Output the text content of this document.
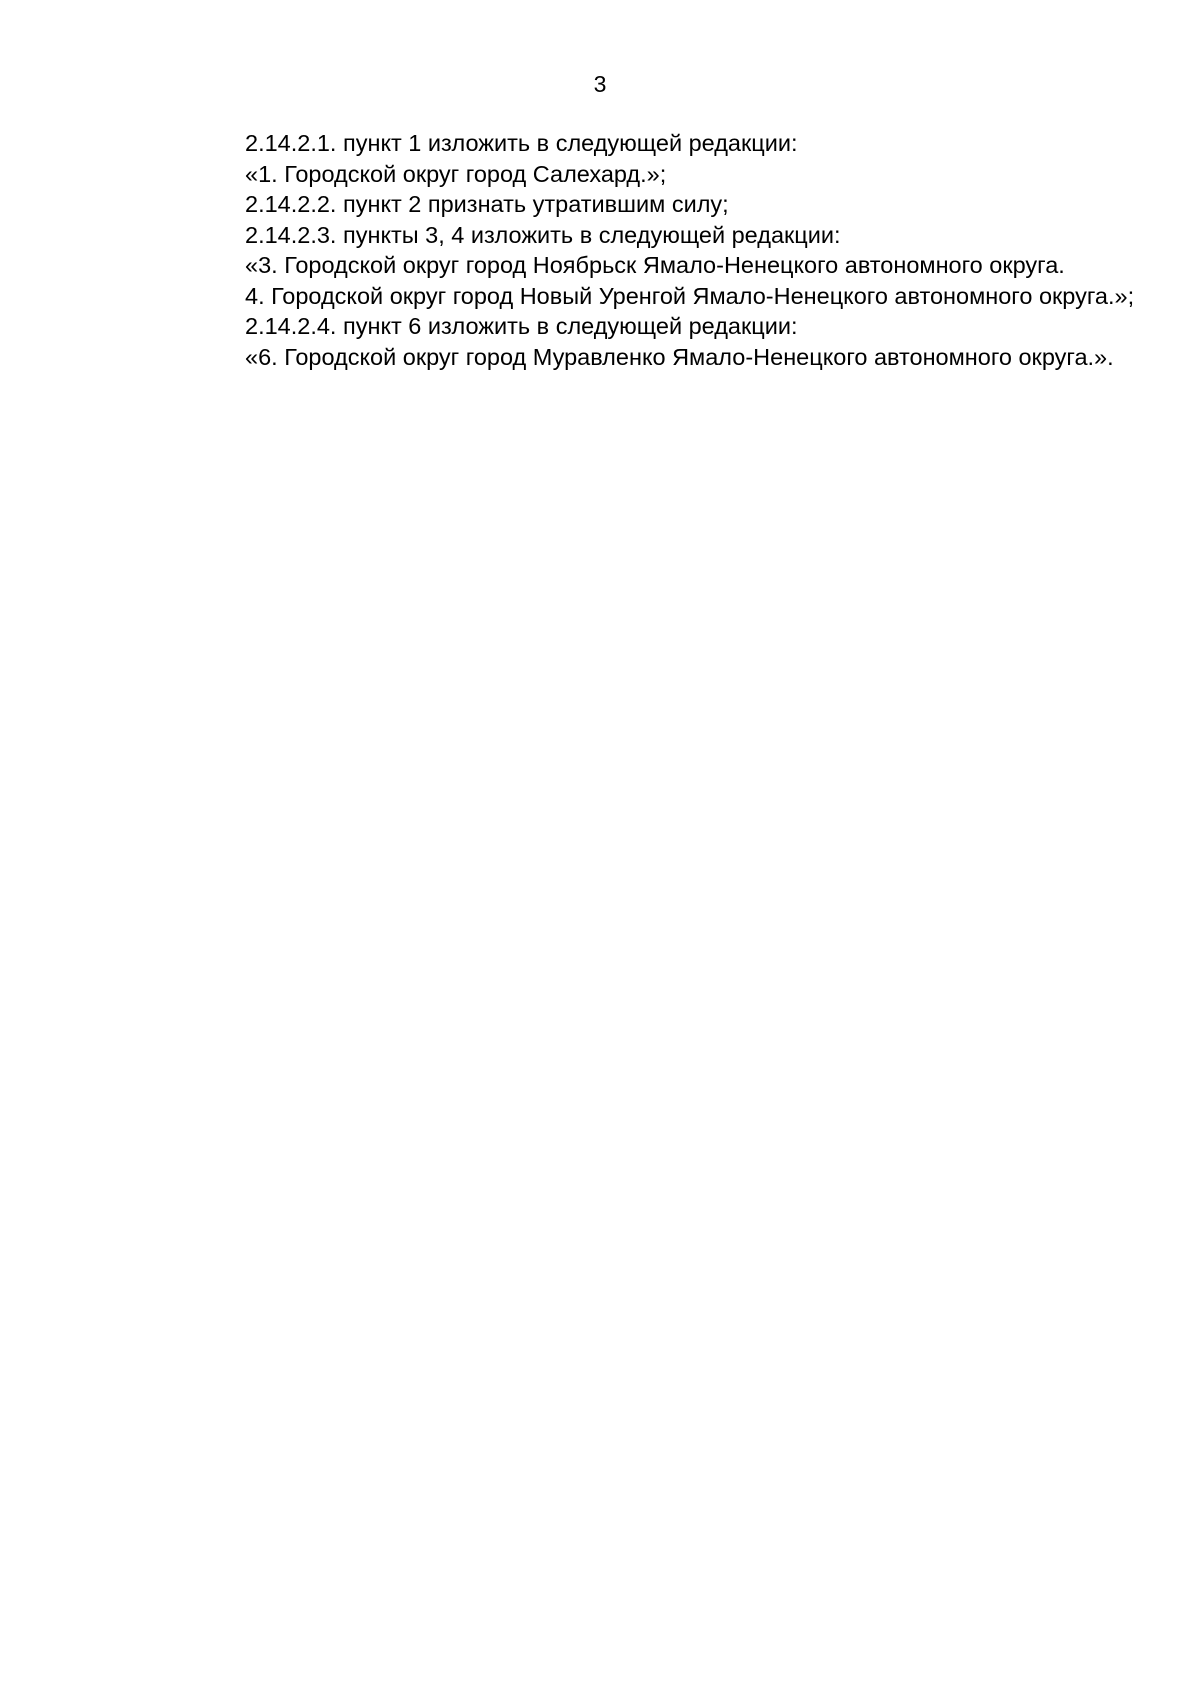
3

2.14.2.1. пункт 1 изложить в следующей редакции:

«1. Городской округ город Салехард.»;

2.14.2.2. пункт 2 признать утратившим силу;

2.14.2.3. пункты 3, 4 изложить в следующей редакции:

«3. Городской округ город Ноябрьск Ямало-Ненецкого автономного округа.

4. Городской округ город Новый Уренгой Ямало-Ненецкого автономного округа.»;

2.14.2.4. пункт 6 изложить в следующей редакции:

«6. Городской округ город Муравленко Ямало-Ненецкого автономного округа.».
